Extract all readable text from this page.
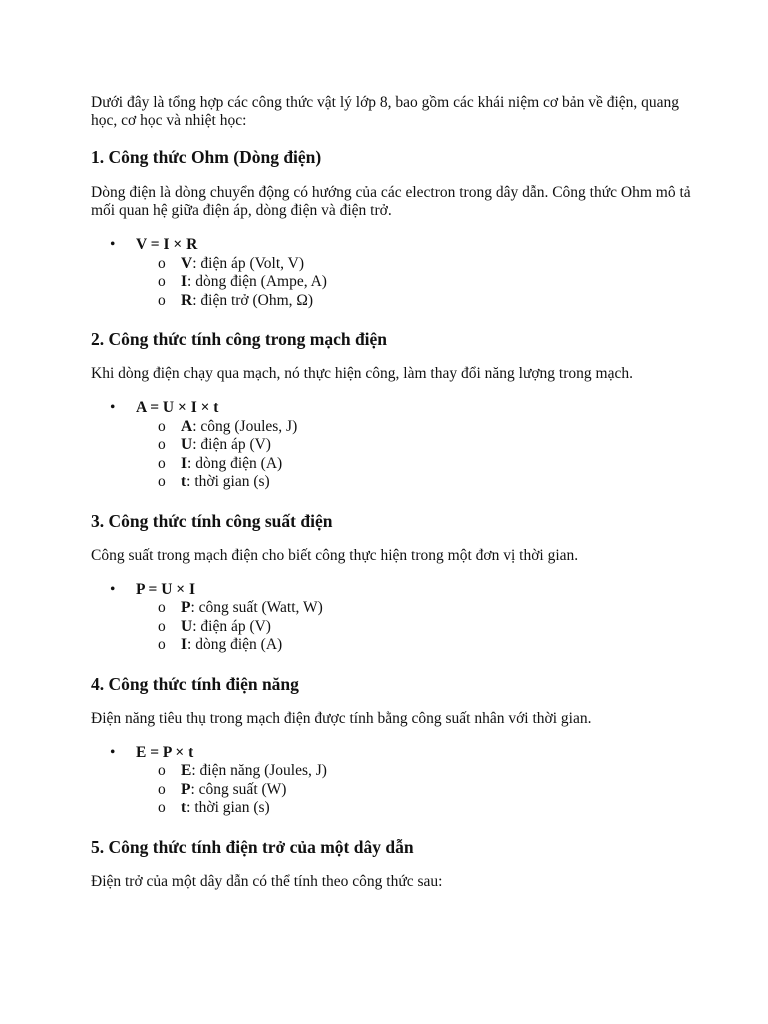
Dưới đây là tổng hợp các công thức vật lý lớp 8, bao gồm các khái niệm cơ bản về điện, quang học, cơ học và nhiệt học:

1. Công thức Ohm (Dòng điện)

Dòng điện là dòng chuyển động có hướng của các electron trong dây dẫn. Công thức Ohm mô tả mối quan hệ giữa điện áp, dòng điện và điện trở.

• V = I × R
o V: điện áp (Volt, V)
o I: dòng điện (Ampe, A)
o R: điện trở (Ohm, Ω)
2. Công thức tính công trong mạch điện

Khi dòng điện chạy qua mạch, nó thực hiện công, làm thay đổi năng lượng trong mạch.

• A = U × I × t
o A: công (Joules, J)
o U: điện áp (V)
o I: dòng điện (A)
o t: thời gian (s)
3. Công thức tính công suất điện

Công suất trong mạch điện cho biết công thực hiện trong một đơn vị thời gian.

• P = U × I
o P: công suất (Watt, W)
o U: điện áp (V)
o I: dòng điện (A)
4. Công thức tính điện năng

Điện năng tiêu thụ trong mạch điện được tính bằng công suất nhân với thời gian.

• E = P × t
o E: điện năng (Joules, J)
o P: công suất (W)
o t: thời gian (s)
5. Công thức tính điện trở của một dây dẫn

Điện trở của một dây dẫn có thể tính theo công thức sau:
